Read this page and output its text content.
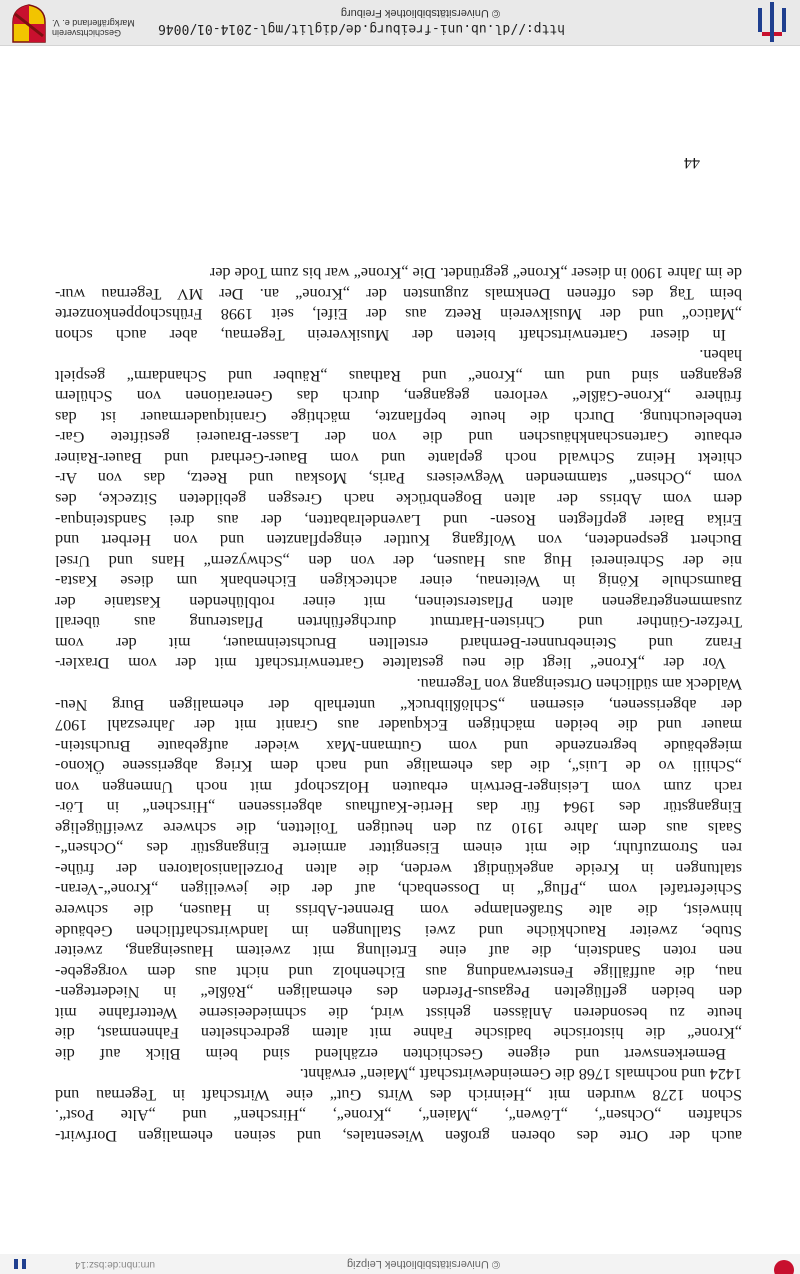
© Universitätsbibliothek Leipzig
urn:nbn:de:bsz:14
auch der Orte des oberen großen Wiesentales, und seinen ehemaligen Dorfwirt-
schaften „Ochsen“, „Löwen“, „Maien“, „Krone“, „Hirschen“ und „Alte Post“.
Schon 1278 wurden mit „Heinrich des Wirts Gut“ eine Wirtschaft in Tegernau und
1424 und nochmals 1768 die Gemeindewirtschaft „Maien“ erwähnt.
Bemerkenswert und eigene Geschichten erzählend sind beim Blick auf die
„Krone“ die historische badische Fahne mit altem gedrechselten Fahnenmast, die
heute zu besonderen Anlässen gehisst wird, die schmiedeeiserne Wetterfahne mit
den beiden geflügelten Pegasus-Pferden des ehemaligen „Rößle“ in Niedertegen-
nau, die auffällige Fensterwandung aus Eichenholz und nicht aus dem vorgegebe-
nen roten Sandstein, die auf eine Erteilung mit zweitem Hauseingang, zweiter
Stube, zweiter Rauchküche und zwei Stallungen im landwirtschaftlichen Gebäude
hinweist, die alte Straßenlampe vom Brennet-Abriss in Hausen, die schwere
Schiefertafel vom „Pflug“ in Dossenbach, auf der die jeweiligen „Krone“-Veran-
staltungen in Kreide angekündigt werden, die alten Porzellanisolatoren der frühe-
ren Stromzufuhr, die mit einem Eisengitter armierte Eingangstür des „Ochsen“-
Saals aus dem Jahre 1910 zu den heutigen Toiletten, die schwere zweiflügelige
Eingangstür des 1964 für das Hertie-Kaufhaus abgerissenen „Hirschen“ in Lör-
rach zum vom Leisinger-Bertwin erbauten Holzschopf mit noch Unmengen von
„Schiili vo de Luis“, die das ehemalige und nach dem Krieg abgerissene Ökono-
miegebäude begrenzende und vom Gutmann-Max wieder aufgebaute Bruchstein-
mauer und die beiden mächtigen Eckquader aus Granit mit der Jahreszahl 1907
der abgerissenen, eisernen „Schlößlibruck“ unterhalb der ehemaligen Burg Neu-
Waldeck am südlichen Ortseingang von Tegernau.
Vor der „Krone“ liegt die neu gestaltete Gartenwirtschaft mit der vom Draxler-
Franz und Steinebrunner-Bernhard erstellten Bruchsteinmauer, mit der vom
Trefzer-Günther und Christen-Hartmut durchgeführten Pflasterung aus überall
zusammengetragenen alten Pflastersteinen, mit einer rotblühenden Kastanie der
Baumschule König in Weitenau, einer achteckigen Eichenbank um diese Kasta-
nie der Schreinerei Hug aus Hausen, der von den „Schwyzern“ Hans und Ursel
Buchert gespendeten, von Wolfgang Kuttler eingepflanzten und von Herbert und
Erika Baier gepflegten Rosen- und Lavendelrabatten, der aus drei Sandsteinqua-
dern vom Abriss der alten Bogenbrücke nach Gresgen gebildeten Sitzecke, des
vom „Ochsen“ stammenden Wegweisers Paris, Moskau und Reetz, das von Ar-
chitekt Heinz Schwald noch geplante und vom Bauer-Gerhard und Bauer-Rainer
erbaute Gartenschankhäuschen und die von der Lasser-Brauerei gestiftete Gar-
tenbeleuchtung. Durch die heute bepflanzte, mächtige Granitquadermauer ist das
frühere „Krone-Gäßle“ verloren gegangen, durch das Generationen von Schülern
gegangen sind und um „Krone“ und Rathaus „Räuber und Schandarm“ gespielt
haben.
In dieser Gartenwirtschaft bieten der Musikverein Tegernau, aber auch schon
„Matico“ und der Musikverein Reetz aus der Eifel, seit 1998 Frühschoppenkonzerte
beim Tag des offenen Denkmals zugunsten der „Krone“ an. Der MV Tegernau wur-
de im Jahre 1900 in dieser „Krone“ gegründet. Die „Krone“ war bis zum Tode der
44
http://dl.ub.uni-freiburg.de/diglit/mgl-2014-01/0046
© Universitätsbibliothek Freiburg
Geschichtsverein
Markgräflerland e. V.
